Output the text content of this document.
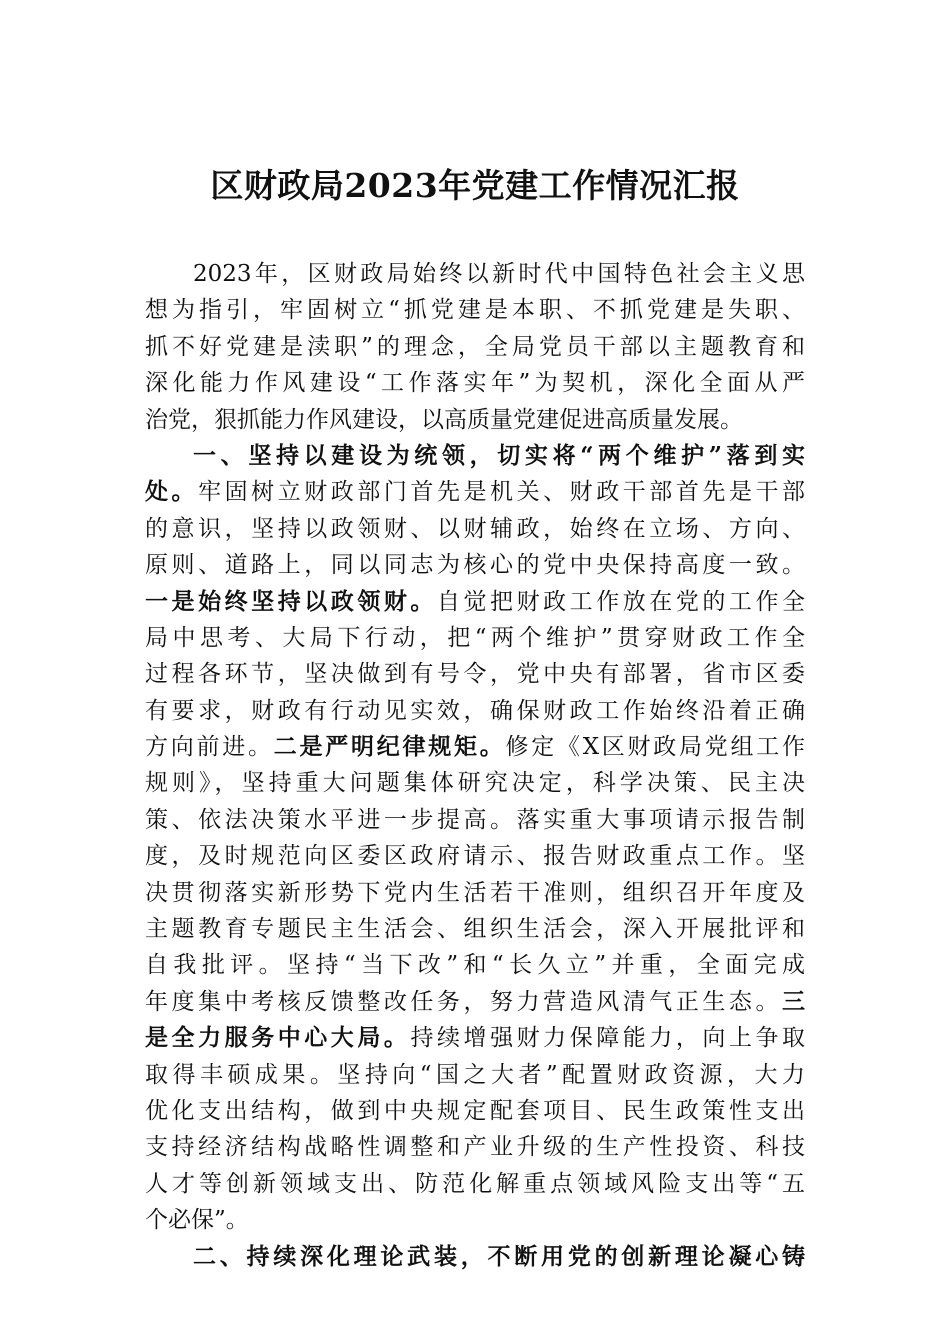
区财政局2023年党建工作情况汇报
2023年，区财政局始终以新时代中国特色社会主义思
想为指引，牢固树立“抓党建是本职、不抓党建是失职、
抓不好党建是渎职”的理念，全局党员干部以主题教育和
深化能力作风建设“工作落实年”为契机，深化全面从严
治党，狠抓能力作风建设，以高质量党建促进高质量发展。
一、坚持以建设为统领，切实将“两个维护”落到实
处。牢固树立财政部门首先是机关、财政干部首先是干部
的意识，坚持以政领财、以财辅政，始终在立场、方向、
原则、道路上，同以同志为核心的党中央保持高度一致。
一是始终坚持以政领财。自觉把财政工作放在党的工作全
局中思考、大局下行动，把“两个维护”贯穿财政工作全
过程各环节，坚决做到有号令，党中央有部署，省市区委
有要求，财政有行动见实效，确保财政工作始终沿着正确
方向前进。二是严明纪律规矩。修定《X区财政局党组工作
规则》，坚持重大问题集体研究决定，科学决策、民主决
策、依法决策水平进一步提高。落实重大事项请示报告制
度，及时规范向区委区政府请示、报告财政重点工作。坚
决贯彻落实新形势下党内生活若干准则，组织召开年度及
主题教育专题民主生活会、组织生活会，深入开展批评和
自我批评。坚持“当下改”和“长久立”并重，全面完成
年度集中考核反馈整改任务，努力营造风清气正生态。三
是全力服务中心大局。持续增强财力保障能力，向上争取
取得丰硕成果。坚持向“国之大者”配置财政资源，大力
优化支出结构，做到中央规定配套项目、民生政策性支出
支持经济结构战略性调整和产业升级的生产性投资、科技
人才等创新领域支出、防范化解重点领域风险支出等“五
个必保”。
二、持续深化理论武装，不断用党的创新理论凝心铸
